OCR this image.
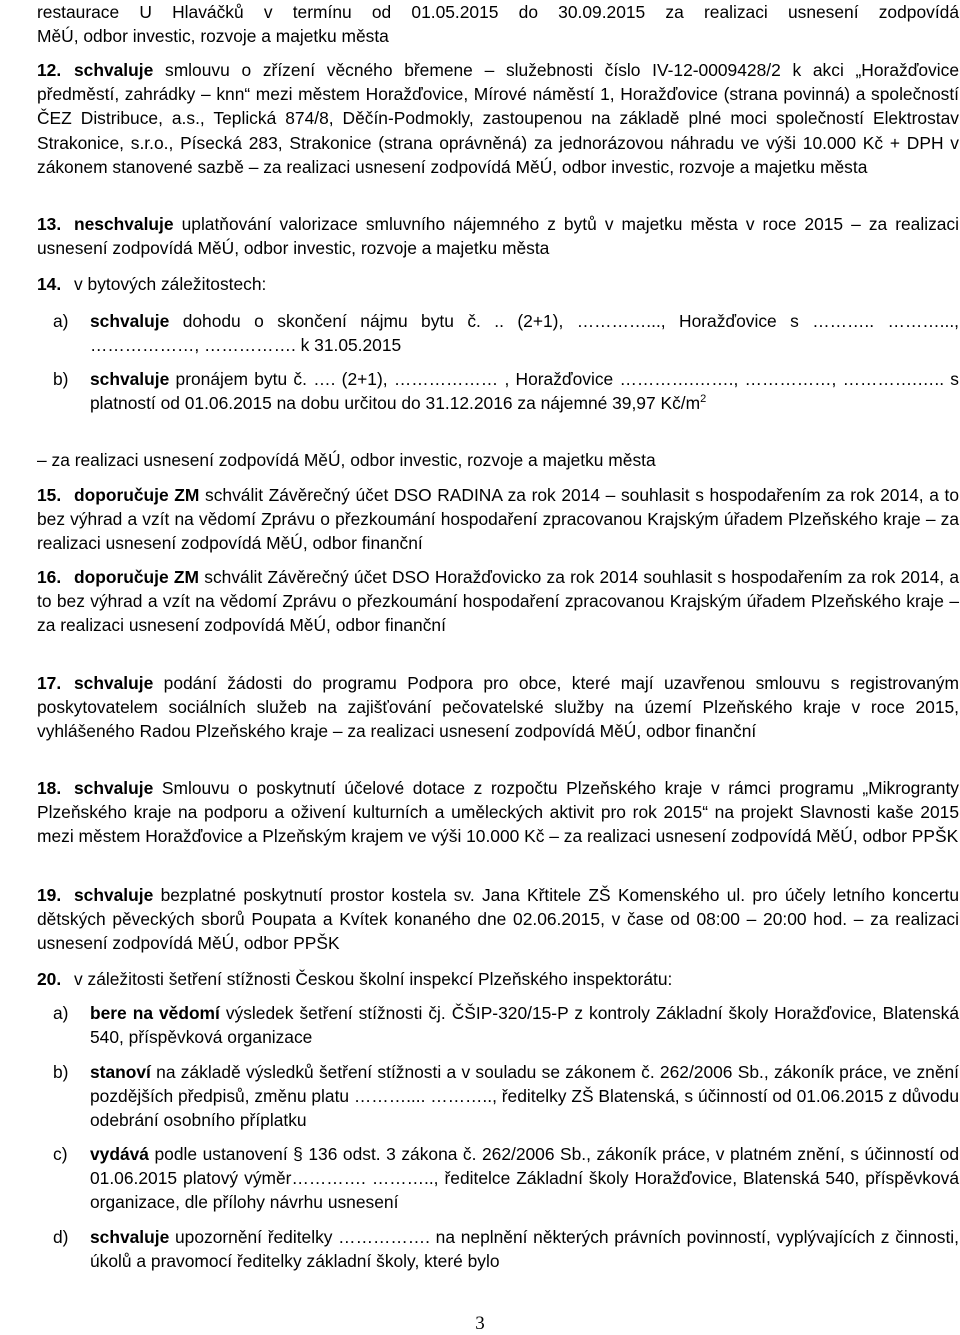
restaurace U Hlaváčků v termínu od 01.05.2015 do 30.09.2015 za realizaci usnesení zodpovídá
MěÚ, odbor investic, rozvoje a majetku města
12. schvaluje smlouvu o zřízení věcného břemene – služebnosti číslo IV-12-0009428/2 k akci „Horažďovice předměstí, zahrádky – knn“ mezi městem Horažďovice, Mírové náměstí 1, Horažďovice (strana povinná) a společností ČEZ Distribuce, a.s., Teplická 874/8, Děčín-Podmokly, zastoupenou na základě plné moci společností Elektrostav Strakonice, s.r.o., Písecká 283, Strakonice (strana oprávněná) za jednorázovou náhradu ve výši 10.000 Kč + DPH v zákonem stanovené sazbě – za realizaci usnesení zodpovídá MěÚ, odbor investic, rozvoje a majetku města
13. neschvaluje uplatňování valorizace smluvního nájemného z bytů v majetku města v roce 2015 – za realizaci usnesení zodpovídá MěÚ, odbor investic, rozvoje a majetku města
14. v bytových záležitostech:
a) schvaluje dohodu o skončení nájmu bytu č. .. (2+1), …………..., Horažďovice s ……….. ………..., ………………, ……………. k 31.05.2015
b) schvaluje pronájem bytu č. …. (2+1), ……………… , Horažďovice ………….……., ……………, ………….….. s platností od 01.06.2015 na dobu určitou do 31.12.2016 za nájemné 39,97 $Kč/m^2$
– za realizaci usnesení zodpovídá MěÚ, odbor investic, rozvoje a majetku města
15. doporučuje ZM schválit Závěrečný účet DSO RADINA za rok 2014 – souhlasit s hospodařením za rok 2014, a to bez výhrad a vzít na vědomí Zprávu o přezkoumání hospodaření zpracovanou Krajským úřadem Plzeňského kraje – za realizaci usnesení zodpovídá MěÚ, odbor finanční
16. doporučuje ZM schválit Závěrečný účet DSO Horažďovicko za rok 2014 souhlasit s hospodařením za rok 2014, a to bez výhrad a vzít na vědomí Zprávu o přezkoumání hospodaření zpracovanou Krajským úřadem Plzeňského kraje – za realizaci usnesení zodpovídá MěÚ, odbor finanční
17. schvaluje podání žádosti do programu Podpora pro obce, které mají uzavřenou smlouvu s registrovaným poskytovatelem sociálních služeb na zajišťování pečovatelské služby na území Plzeňského kraje v roce 2015, vyhlášeného Radou Plzeňského kraje – za realizaci usnesení zodpovídá MěÚ, odbor finanční
18. schvaluje Smlouvu o poskytnutí účelové dotace z rozpočtu Plzeňského kraje v rámci programu „Mikrogranty Plzeňského kraje na podporu a oživení kulturních a uměleckých aktivit pro rok 2015“ na projekt Slavnosti kaše 2015 mezi městem Horažďovice a Plzeňským krajem ve výši 10.000 Kč – za realizaci usnesení zodpovídá MěÚ, odbor PPŠK
19. schvaluje bezplatné poskytnutí prostor kostela sv. Jana Křtitele ZŠ Komenského ul. pro účely letního koncertu dětských pěveckých sborů Poupata a Kvítek konaného dne 02.06.2015, v čase od 08:00 – 20:00 hod. – za realizaci usnesení zodpovídá MěÚ, odbor PPŠK
20. v záležitosti šetření stížnosti Českou školní inspekcí Plzeňského inspektorátu:
a) bere na vědomí výsledek šetření stížnosti čj. ČŠIP-320/15-P z kontroly Základní školy Horažďovice, Blatenská 540, příspěvková organizace
b) stanoví na základě výsledků šetření stížnosti a v souladu se zákonem č. 262/2006 Sb., zákoník práce, ve znění pozdějších předpisů, změnu platu ……….... ……….., ředitelky ZŠ Blatenská, s účinností od 01.06.2015 z důvodu odebrání osobního příplatku
c) vydává podle ustanovení § 136 odst. 3 zákona č. 262/2006 Sb., zákoník práce, v platném znění, s účinností od 01.06.2015 platový výměr…………. ……….., ředitelce Základní školy Horažďovice, Blatenská 540, příspěvková organizace, dle přílohy návrhu usnesení
d) schvaluje upozornění ředitelky ……………. na neplnění některých právních povinností, vyplývajících z činnosti, úkolů a pravomocí ředitelky základní školy, které bylo
3
